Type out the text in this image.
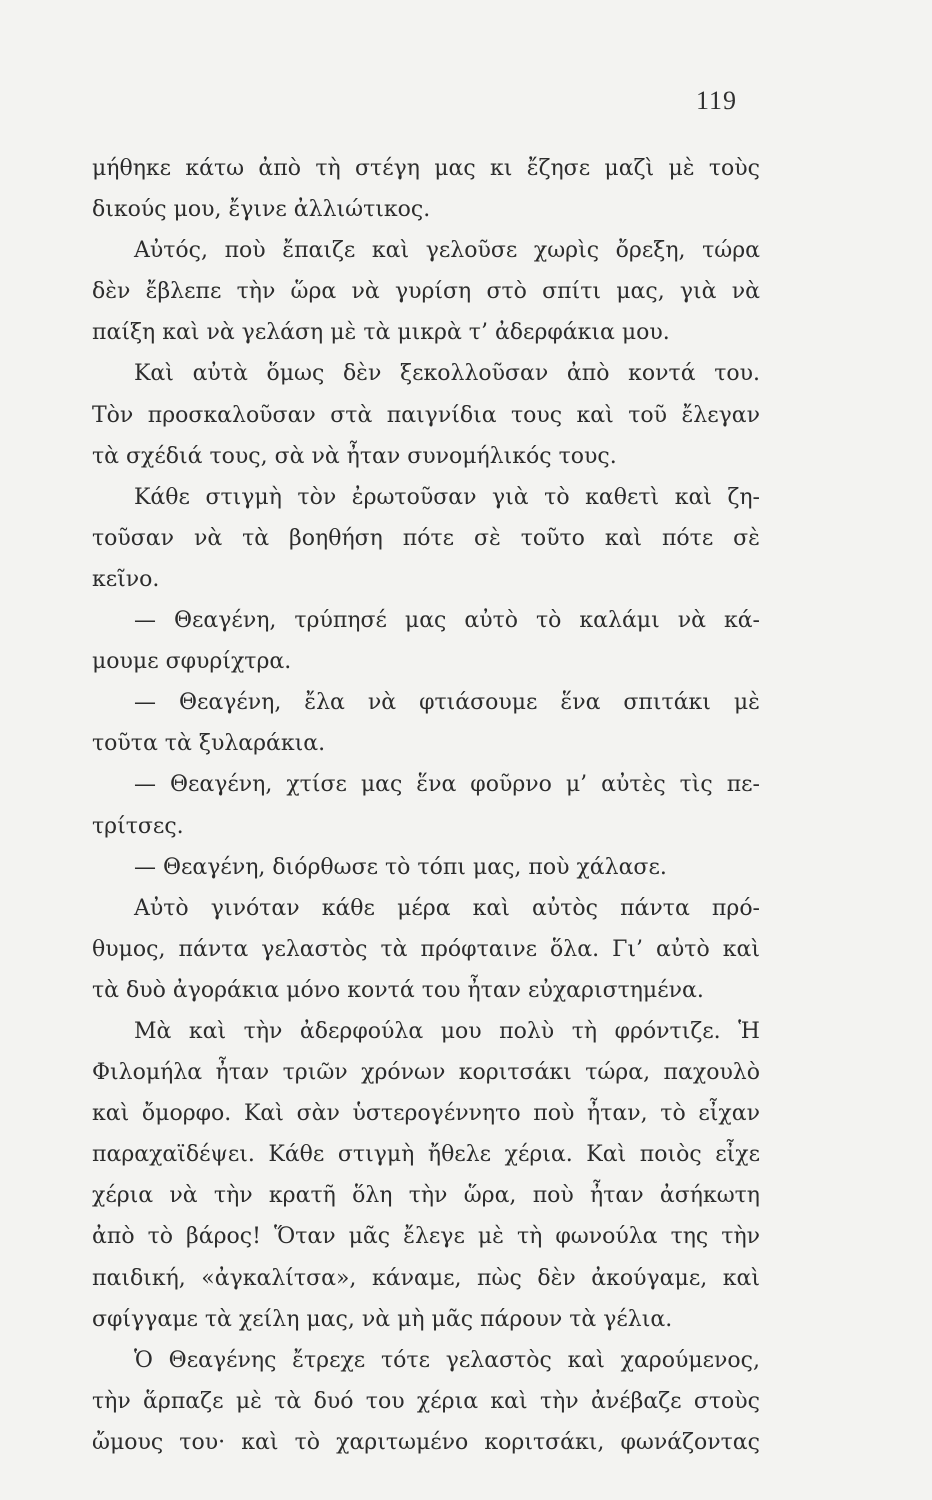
119
μήθηκε κάτω ἀπὸ τὴ στέγη μας κι ἔζησε μαζὶ μὲ τοὺς
δικούς μου, ἔγινε ἀλλιώτικος.
Αὐτός, ποὺ ἔπαιζε καὶ γελοῦσε χωρὶς ὄρεξη, τώρα
δὲν ἔβλεπε τὴν ὥρα νὰ γυρίση στὸ σπίτι μας, γιὰ νὰ
παίξη καὶ νὰ γελάση μὲ τὰ μικρὰ τ’ ἀδερφάκια μου.
Καὶ αὐτὰ ὅμως δὲν ξεκολλοῦσαν ἀπὸ κοντά του.
Τὸν προσκαλοῦσαν στὰ παιγνίδια τους καὶ τοῦ ἔλεγαν
τὰ σχέδιά τους, σὰ νὰ ἦταν συνομήλικός τους.
Κάθε στιγμὴ τὸν ἐρωτοῦσαν γιὰ τὸ καθετὶ καὶ ζη-
τοῦσαν νὰ τὰ βοηθήση πότε σὲ τοῦτο καὶ πότε σὲ
κεῖνο.
— Θεαγένη, τρύπησέ μας αὐτὸ τὸ καλάμι νὰ κά-
μουμε σφυρίχτρα.
— Θεαγένη, ἔλα νὰ φτιάσουμε ἕνα σπιτάκι μὲ
τοῦτα τὰ ξυλαράκια.
— Θεαγένη, χτίσε μας ἕνα φοῦρνο μ’ αὐτὲς τὶς πε-
τρίτσες.
— Θεαγένη, διόρθωσε τὸ τόπι μας, ποὺ χάλασε.
Αὐτὸ γινόταν κάθε μέρα καὶ αὐτὸς πάντα πρό-
θυμος, πάντα γελαστὸς τὰ πρόφταινε ὅλα. Γι’ αὐτὸ καὶ
τὰ δυὸ ἀγοράκια μόνο κοντά του ἦταν εὐχαριστημένα.
Μὰ καὶ τὴν ἀδερφούλα μου πολὺ τὴ φρόντιζε. Ἡ
Φιλομήλα ἦταν τριῶν χρόνων κοριτσάκι τώρα, παχουλὸ
καὶ ὄμορφο. Καὶ σὰν ὑστερογέννητο ποὺ ἦταν, τὸ εἶχαν
παραχαϊδέψει. Κάθε στιγμὴ ἤθελε χέρια. Καὶ ποιὸς εἶχε
χέρια νὰ τὴν κρατῆ ὅλη τὴν ὥρα, ποὺ ἦταν ἀσήκωτη
ἀπὸ τὸ βάρος! Ὅταν μᾶς ἔλεγε μὲ τὴ φωνούλα της τὴν
παιδική, «ἀγκαλίτσα», κάναμε, πὼς δὲν ἀκούγαμε, καὶ
σφίγγαμε τὰ χείλη μας, νὰ μὴ μᾶς πάρουν τὰ γέλια.
Ὁ Θεαγένης ἔτρεχε τότε γελαστὸς καὶ χαρούμενος,
τὴν ἅρπαζε μὲ τὰ δυό του χέρια καὶ τὴν ἀνέβαζε στοὺς
ὤμους του· καὶ τὸ χαριτωμένο κοριτσάκι, φωνάζοντας
